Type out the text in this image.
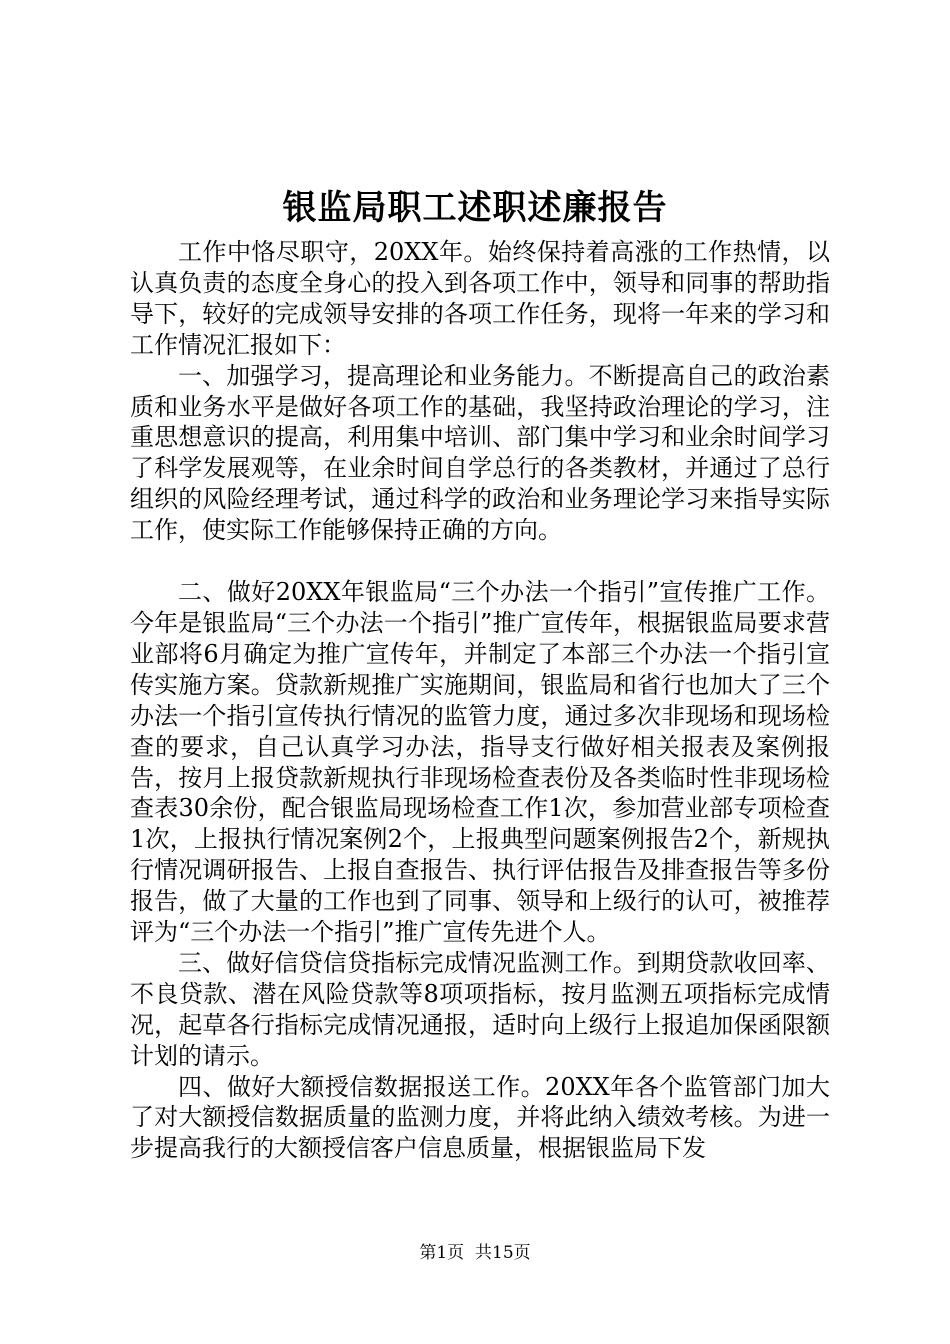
银监局职工述职述廉报告

工作中恪尽职守，20XX年。始终保持着高涨的工作热情，以认真负责的态度全身心的投入到各项工作中，领导和同事的帮助指导下，较好的完成领导安排的各项工作任务，现将一年来的学习和工作情况汇报如下：

一、加强学习，提高理论和业务能力。不断提高自己的政治素质和业务水平是做好各项工作的基础，我坚持政治理论的学习，注重思想意识的提高，利用集中培训、部门集中学习和业余时间学习了科学发展观等，在业余时间自学总行的各类教材，并通过了总行组织的风险经理考试，通过科学的政治和业务理论学习来指导实际工作，使实际工作能够保持正确的方向。

二、做好20XX年银监局“三个办法一个指引”宣传推广工作。今年是银监局“三个办法一个指引”推广宣传年，根据银监局要求营业部将6月确定为推广宣传年，并制定了本部三个办法一个指引宣传实施方案。贷款新规推广实施期间，银监局和省行也加大了三个办法一个指引宣传执行情况的监管力度，通过多次非现场和现场检查的要求，自己认真学习办法，指导支行做好相关报表及案例报告，按月上报贷款新规执行非现场检查表份及各类临时性非现场检查表30余份，配合银监局现场检查工作1次，参加营业部专项检查1次，上报执行情况案例2个，上报典型问题案例报告2个，新规执行情况调研报告、上报自查报告、执行评估报告及排查报告等多份报告，做了大量的工作也到了同事、领导和上级行的认可，被推荐评为“三个办法一个指引”推广宣传先进个人。

三、做好信贷信贷指标完成情况监测工作。到期贷款收回率、不良贷款、潜在风险贷款等8项项指标，按月监测五项指标完成情况，起草各行指标完成情况通报，适时向上级行上报追加保函限额计划的请示。

四、做好大额授信数据报送工作。20XX年各个监管部门加大了对大额授信数据质量的监测力度，并将此纳入绩效考核。为进一步提高我行的大额授信客户信息质量，根据银监局下发

第1页 共15页
